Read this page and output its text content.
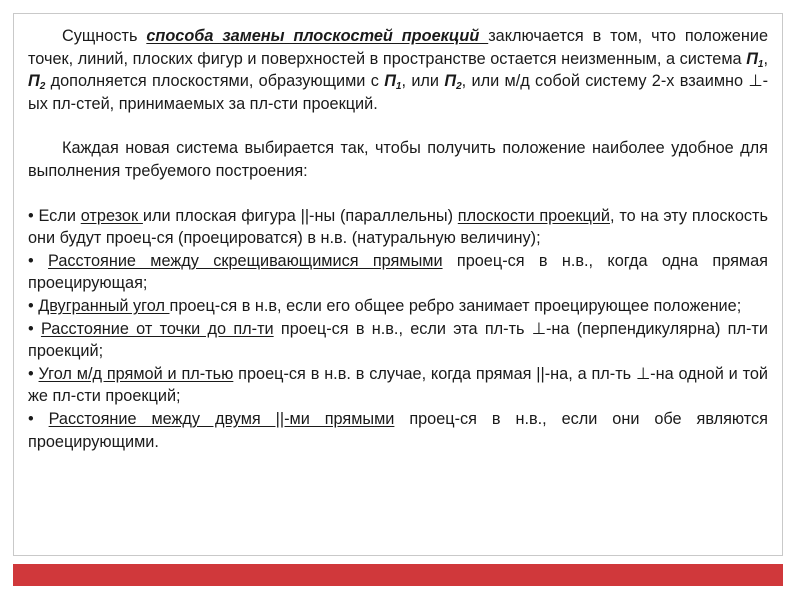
Сущность способа замены плоскостей проекций заключается в том, что положение точек, линий, плоских фигур и поверхностей в пространстве остается неизменным, а система $П_1$, $П_2$ дополняется плоскостями, образующими с $П_1$, или $П_2$, или м/д собой систему 2-х взаимно ⊥-ых пл-стей, принимаемых за пл-сти проекций.

Каждая новая система выбирается так, чтобы получить положение наиболее удобное для выполнения требуемого построения:

• Если отрезок или плоская фигура ||-ны (параллельны) плоскости проекций, то на эту плоскость они будут проец-ся (проецироватся) в н.в. (натуральную величину);

• Расстояние между скрещивающимися прямыми проец-ся в н.в., когда одна прямая проецирующая;

• Двугранный угол проец-ся в н.в, если его общее ребро занимает проецирующее положение;

• Расстояние от точки до пл-ти проец-ся в н.в., если эта пл-ть ⊥-на (перпендикулярна) пл-ти проекций;

• Угол м/д прямой и пл-тью проец-ся в н.в. в случае, когда прямая ||-на, а пл-ть ⊥-на одной и той же пл-сти проекций;

• Расстояние между двумя ||-ми прямыми проец-ся в н.в., если они обе являются проецирующими.
